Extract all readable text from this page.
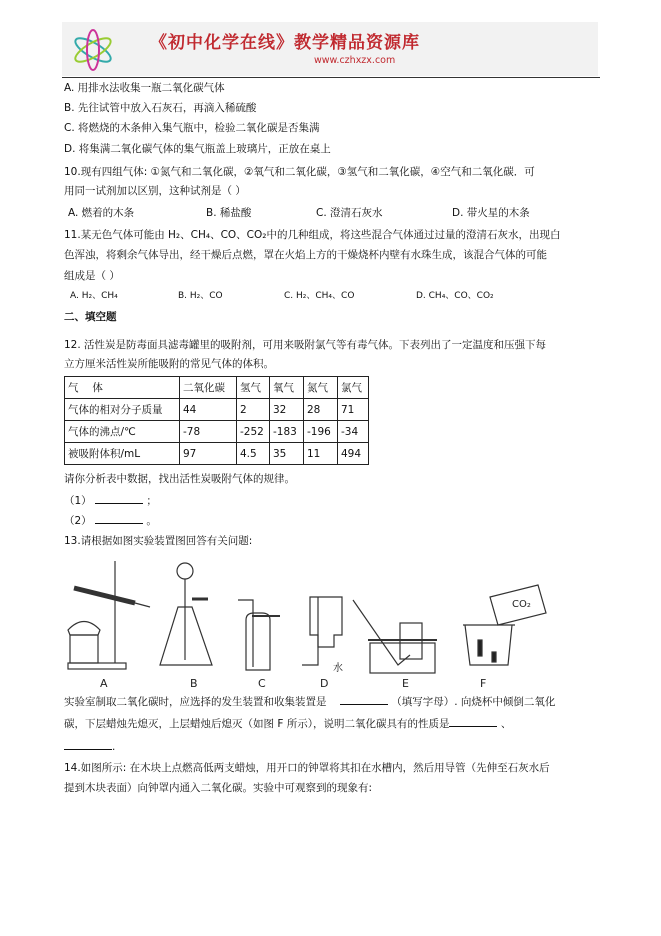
《初中化学在线》教学精品资源库
www.czhxzx.com
A. 用排水法收集一瓶二氧化碳气体
B. 先往试管中放入石灰石，再滴入稀硫酸
C. 将燃烧的木条伸入集气瓶中，检验二氧化碳是否集满
D. 将集满二氧化碳气体的集气瓶盖上玻璃片，正放在桌上
10.现有四组气体: ①氮气和二氧化碳，②氧气和二氧化碳，③氢气和二氧化碳，④空气和二氧化碳．可
用同一试剂加以区别，这种试剂是（ ）
A. 燃着的木条	B. 稀盐酸	C. 澄清石灰水	D. 带火星的木条
11.某无色气体可能由 H₂、CH₄、CO、CO₂中的几种组成，将这些混合气体通过过量的澄清石灰水，出现白
色浑浊，将剩余气体导出，经干燥后点燃，罩在火焰上方的干燥烧杯内壁有水珠生成，该混合气体的可能
组成是（ ）
A. H₂、CH₄	B. H₂、CO	C. H₂、CH₄、CO	D. CH₄、CO、CO₂
二、填空题
12. 活性炭是防毒面具滤毒罐里的吸附剂，可用来吸附氯气等有毒气体。下表列出了一定温度和压强下每
立方厘米活性炭所能吸附的常见气体的体积。
气　 体	二氧化碳	氢气	氧气	氮气	氯气
气体的相对分子质量	44	2	32	28	71
气体的沸点/℃	-78	-252	-183	-196	-34
被吸附体积/mL	97	4.5	35	11	494
请你分析表中数据，找出活性炭吸附气体的规律。
（1）	；
（2）	。
13.请根据如图实验装置图回答有关问题:
水
CO₂
A	B	C	D	E	F
实验室制取二氧化碳时，应选择的发生装置和收集装置是	（填写字母）. 向烧杯中倾倒二氧化
碳，下层蜡烛先熄灭，上层蜡烛后熄灭（如图 F 所示），说明二氧化碳具有的性质是	、
.
14.如图所示: 在木块上点燃高低两支蜡烛，用开口的钟罩将其扣在水槽内，然后用导管（先伸至石灰水后
提到木块表面）向钟罩内通入二氧化碳。实验中可观察到的现象有:
